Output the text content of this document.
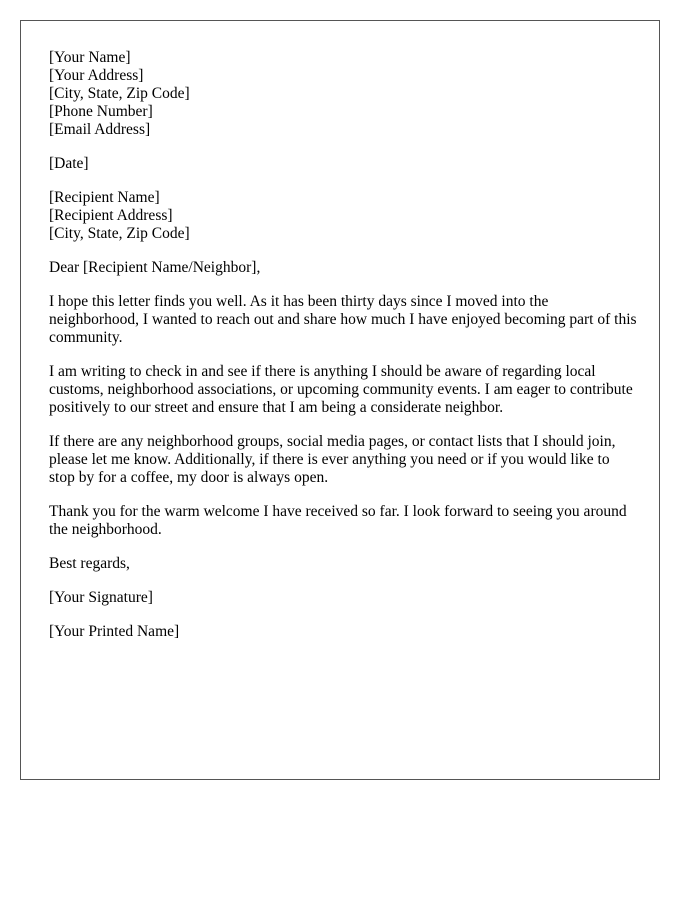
[Your Name]
[Your Address]
[City, State, Zip Code]
[Phone Number]
[Email Address]
[Date]
[Recipient Name]
[Recipient Address]
[City, State, Zip Code]
Dear [Recipient Name/Neighbor],

I hope this letter finds you well. As it has been thirty days since I moved into the neighborhood, I wanted to reach out and share how much I have enjoyed becoming part of this community.

I am writing to check in and see if there is anything I should be aware of regarding local customs, neighborhood associations, or upcoming community events. I am eager to contribute positively to our street and ensure that I am being a considerate neighbor.

If there are any neighborhood groups, social media pages, or contact lists that I should join, please let me know. Additionally, if there is ever anything you need or if you would like to stop by for a coffee, my door is always open.

Thank you for the warm welcome I have received so far. I look forward to seeing you around the neighborhood.

Best regards,
[Your Signature]
[Your Printed Name]
